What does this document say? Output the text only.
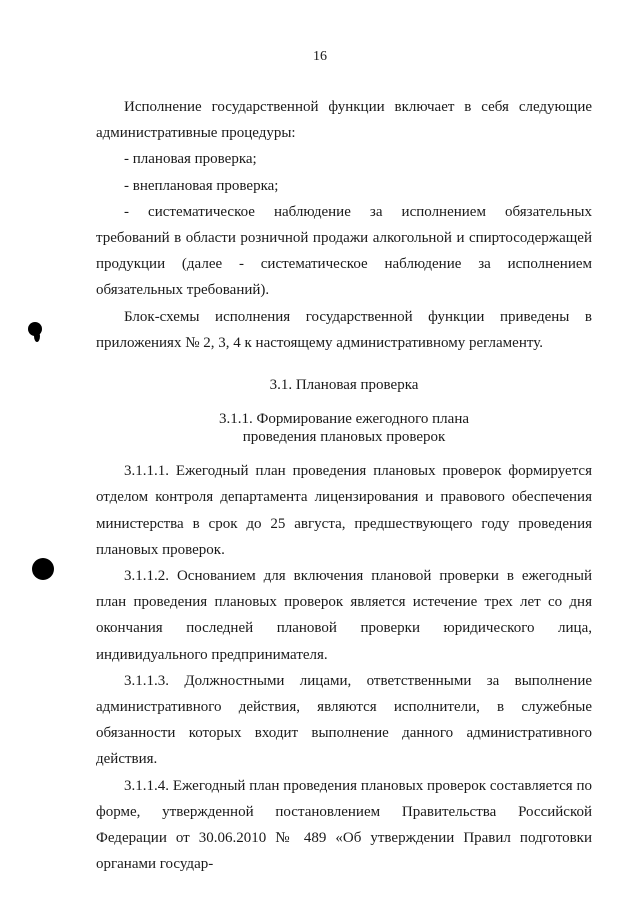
16

Исполнение государственной функции включает в себя следующие административные процедуры:

- плановая проверка;

- внеплановая проверка;

- систематическое наблюдение за исполнением обязательных требований в области розничной продажи алкогольной и спиртосодержащей продукции (далее - систематическое наблюдение за исполнением обязательных требований).

Блок-схемы исполнения государственной функции приведены в приложениях № 2, 3, 4 к настоящему административному регламенту.

3.1. Плановая проверка

3.1.1. Формирование ежегодного плана
проведения плановых проверок

3.1.1.1. Ежегодный план проведения плановых проверок формируется отделом контроля департамента лицензирования и правового обеспечения министерства в срок до 25 августа, предшествующего году проведения плановых проверок.

3.1.1.2. Основанием для включения плановой проверки в ежегодный план проведения плановых проверок является истечение трех лет со дня окончания последней плановой проверки юридического лица, индивидуального предпринимателя.

3.1.1.3. Должностными лицами, ответственными за выполнение административного действия, являются исполнители, в служебные обязанности которых входит выполнение данного административного действия.

3.1.1.4. Ежегодный план проведения плановых проверок составляется по форме, утвержденной постановлением Правительства Российской Федерации от 30.06.2010 № 489 «Об утверждении Правил подготовки органами государ-
